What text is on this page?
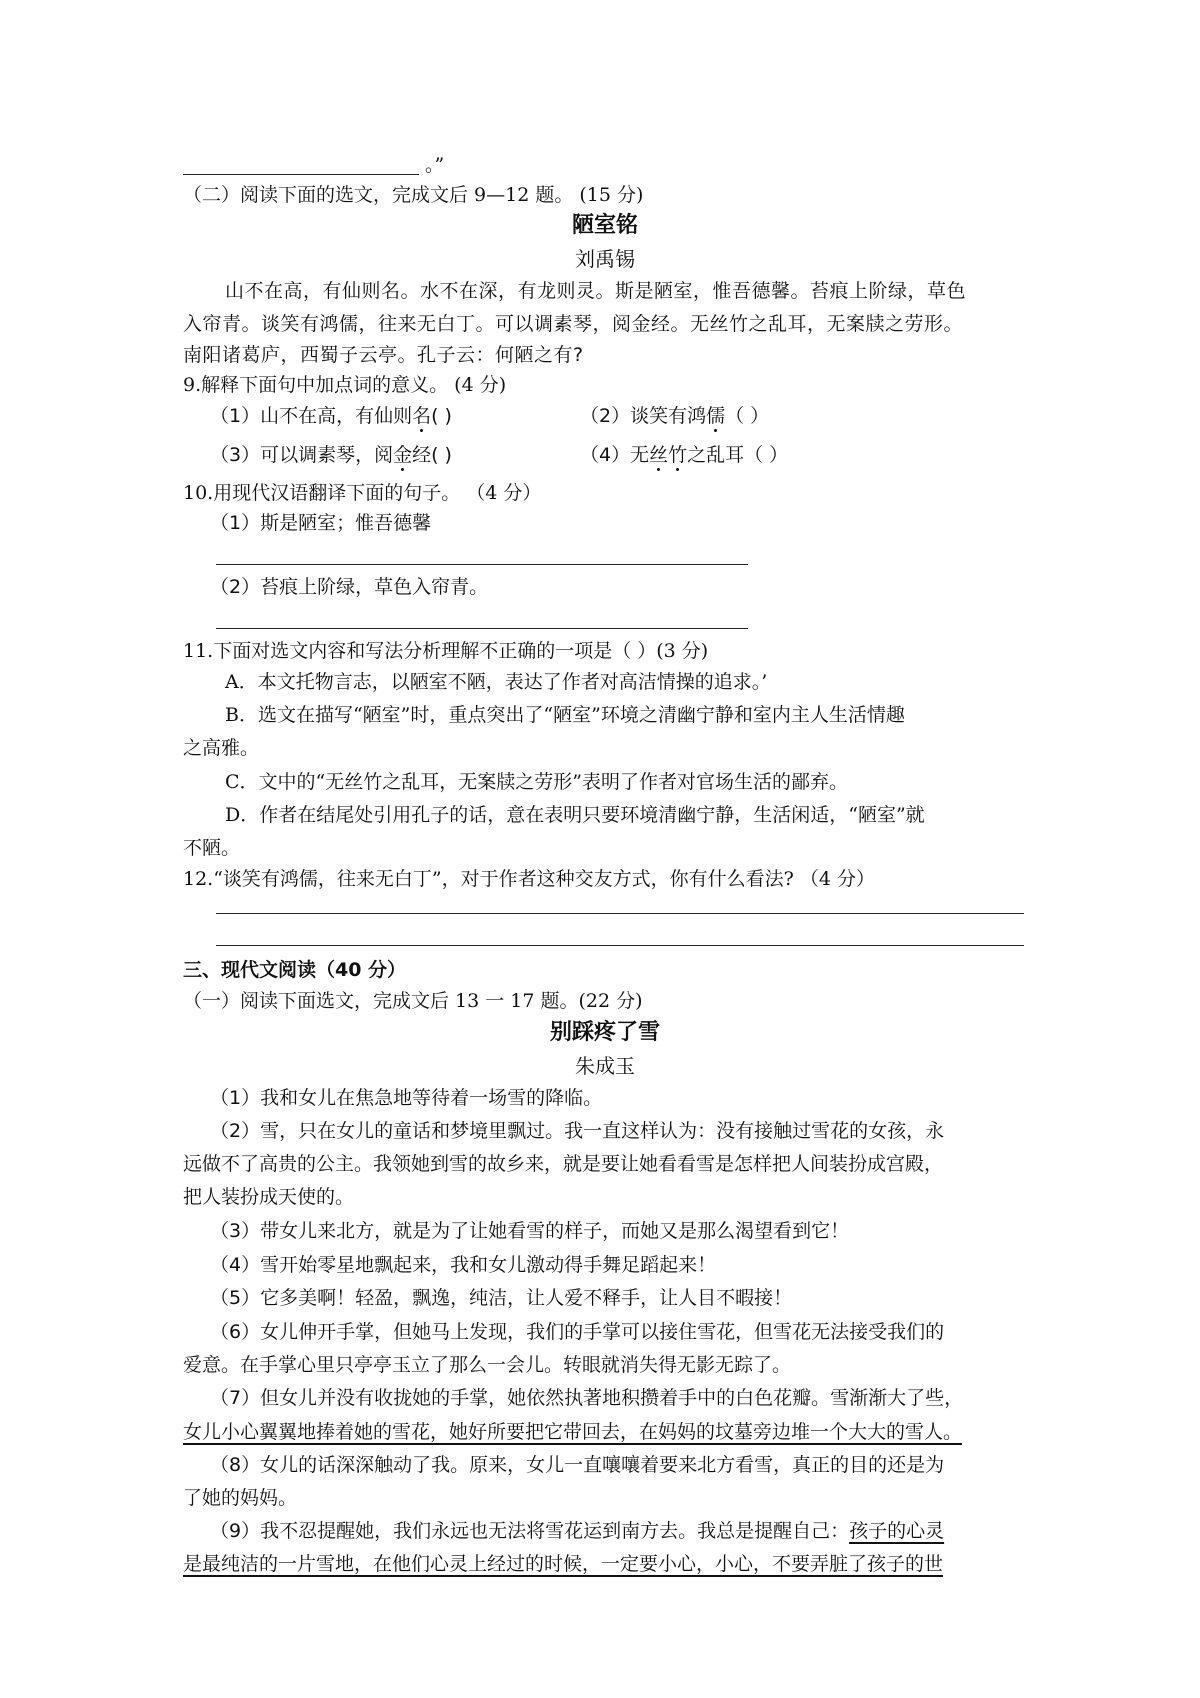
。”
（二）阅读下面的选文，完成文后 9—12 题。 (15 分)
陋室铭
刘禹锡
山不在高，有仙则名。水不在深，有龙则灵。斯是陋室，惟吾德馨。苔痕上阶绿，草色
入帘青。谈笑有鸿儒，往来无白丁。可以调素琴，阅金经。无丝竹之乱耳，无案牍之劳形。
南阳诸葛庐，西蜀子云亭。孔子云：何陋之有?
9.解释下面句中加点词的意义。 (4 分)
（1）山不在高，有仙则名( )	（2）谈笑有鸿儒（ ）
（3）可以调素琴，阅金经( )	（4）无丝竹之乱耳（ ）
10.用现代汉语翻译下面的句子。 （4 分）
（1）斯是陋室；惟吾德馨
（2）苔痕上阶绿，草色入帘青。
11.下面对选文内容和写法分析理解不正确的一项是（ ）(3 分)
A．本文托物言志，以陋室不陋，表达了作者对高洁情操的追求。’
B．选文在描写“陋室”时，重点突出了“陋室”环境之清幽宁静和室内主人生活情趣
之高雅。
C．文中的“无丝竹之乱耳，无案牍之劳形”表明了作者对官场生活的鄙弃。
D．作者在结尾处引用孔子的话，意在表明只要环境清幽宁静，生活闲适，“陋室”就
不陋。
12.“谈笑有鸿儒，往来无白丁”，对于作者这种交友方式，你有什么看法? （4 分）
三、现代文阅读（40 分）
（一）阅读下面选文，完成文后 13 一 17 题。(22 分)
别踩疼了雪
朱成玉
（1）我和女儿在焦急地等待着一场雪的降临。
（2）雪，只在女儿的童话和梦境里飘过。我一直这样认为：没有接触过雪花的女孩，永
远做不了高贵的公主。我领她到雪的故乡来，就是要让她看看雪是怎样把人间装扮成宫殿，
把人装扮成天使的。
（3）带女儿来北方，就是为了让她看雪的样子，而她又是那么渴望看到它！
（4）雪开始零星地飘起来，我和女儿激动得手舞足蹈起来！
（5）它多美啊！轻盈，飘逸，纯洁，让人爱不释手，让人目不暇接！
（6）女儿伸开手掌，但她马上发现，我们的手掌可以接住雪花，但雪花无法接受我们的
爱意。在手掌心里只亭亭玉立了那么一会儿。转眼就消失得无影无踪了。
（7）但女儿并没有收拢她的手掌，她依然执著地积攒着手中的白色花瓣。雪渐渐大了些，
女儿小心翼翼地捧着她的雪花，她好所要把它带回去，在妈妈的坟墓旁边堆一个大大的雪人。
（8）女儿的话深深触动了我。原来，女儿一直嚷嚷着要来北方看雪，真正的目的还是为
了她的妈妈。
（9）我不忍提醒她，我们永远也无法将雪花运到南方去。我总是提醒自己：孩子的心灵
是最纯洁的一片雪地，在他们心灵上经过的时候，一定要小心，小心，不要弄脏了孩子的世
